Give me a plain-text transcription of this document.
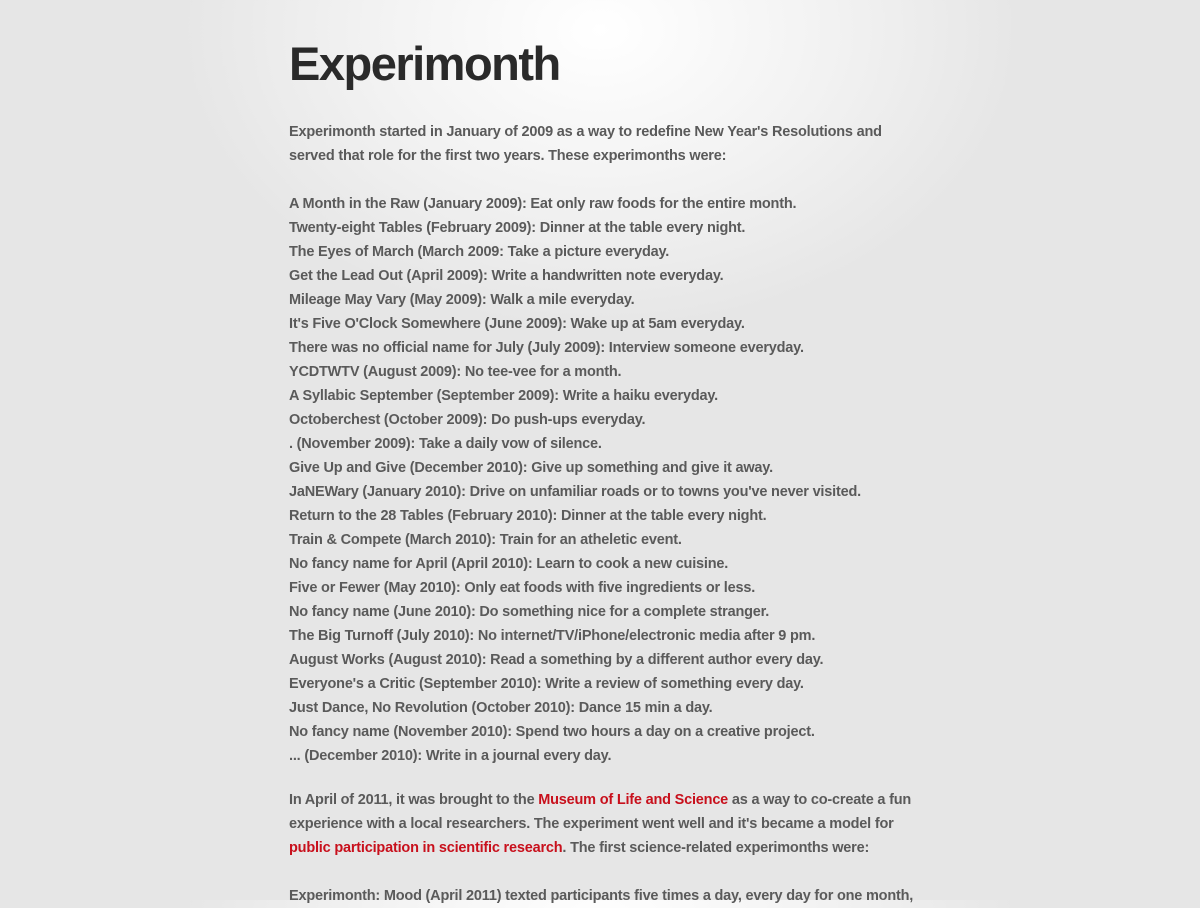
Experimonth

Experimonth started in January of 2009 as a way to redefine New Year's Resolutions and served that role for the first two years. These experimonths were:

A Month in the Raw (January 2009): Eat only raw foods for the entire month.
Twenty-eight Tables (February 2009): Dinner at the table every night.
The Eyes of March (March 2009: Take a picture everyday.
Get the Lead Out (April 2009): Write a handwritten note everyday.
Mileage May Vary (May 2009): Walk a mile everyday.
It's Five O'Clock Somewhere (June 2009): Wake up at 5am everyday.
There was no official name for July (July 2009): Interview someone everyday.
YCDTWTV (August 2009): No tee-vee for a month.
A Syllabic September (September 2009): Write a haiku everyday.
Octoberchest (October 2009): Do push-ups everyday.
. (November 2009): Take a daily vow of silence.
Give Up and Give (December 2010): Give up something and give it away.
JaNEWary (January 2010): Drive on unfamiliar roads or to towns you've never visited.
Return to the 28 Tables (February 2010): Dinner at the table every night.
Train & Compete (March 2010): Train for an atheletic event.
No fancy name for April (April 2010): Learn to cook a new cuisine.
Five or Fewer (May 2010): Only eat foods with five ingredients or less.
No fancy name (June 2010): Do something nice for a complete stranger.
The Big Turnoff (July 2010): No internet/TV/iPhone/electronic media after 9 pm.
August Works (August 2010): Read a something by a different author every day.
Everyone's a Critic (September 2010): Write a review of something every day.
Just Dance, No Revolution (October 2010): Dance 15 min a day.
No fancy name (November 2010): Spend two hours a day on a creative project.
... (December 2010): Write in a journal every day.

In April of 2011, it was brought to the Museum of Life and Science as a way to co-create a fun experience with a local researchers. The experiment went well and it's became a model for public participation in scientific research. The first science-related experimonths were:

Experimonth: Mood (April 2011) texted participants five times a day, every day for one month,
